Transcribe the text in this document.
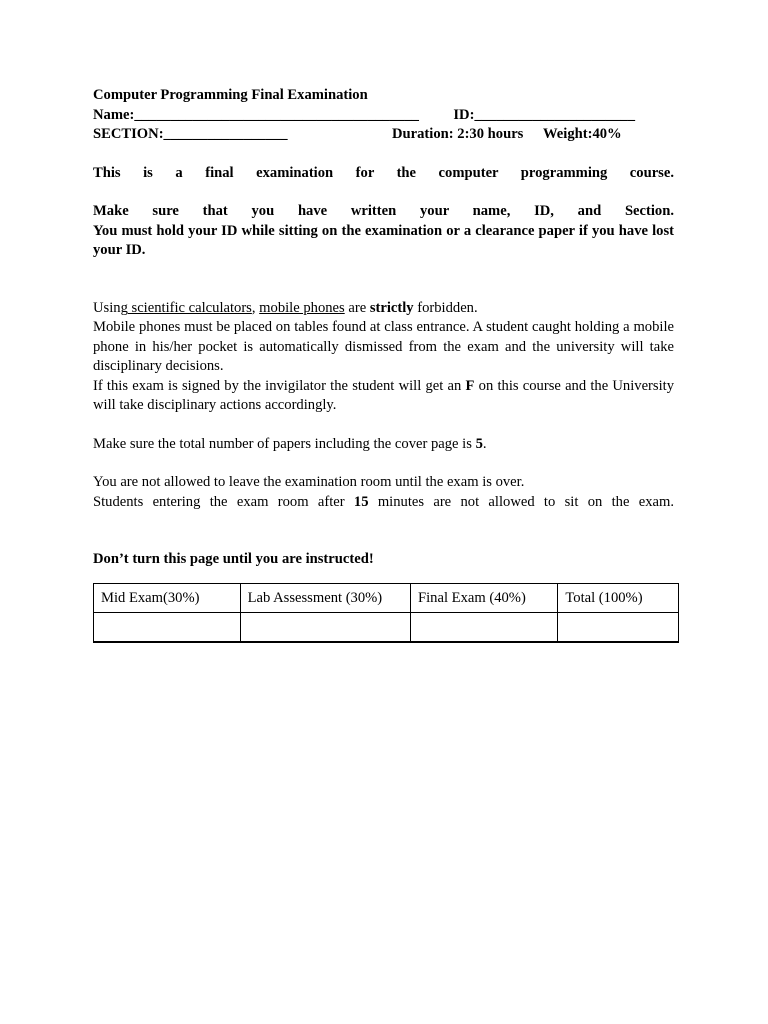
Computer Programming Final Examination
Name:_______________________________________ ID:______________________
SECTION:_________________	Duration: 2:30 hours Weight:40%
This is a final examination for the computer programming course.
Make sure that you have written your name, ID, and Section.
You must hold your ID while sitting on the examination or a clearance paper if you have lost your ID.
Using scientific calculators, mobile phones are strictly forbidden.
Mobile phones must be placed on tables found at class entrance. A student caught holding a mobile phone in his/her pocket is automatically dismissed from the exam and the university will take disciplinary decisions.
If this exam is signed by the invigilator the student will get an F on this course and the University will take disciplinary actions accordingly.
Make sure the total number of papers including the cover page is 5.
You are not allowed to leave the examination room until the exam is over.
Students entering the exam room after 15 minutes are not allowed to sit on the exam.
Don’t turn this page until you are instructed!
Mid Exam(30%)	Lab Assessment (30%)	Final Exam (40%)	Total (100%)
